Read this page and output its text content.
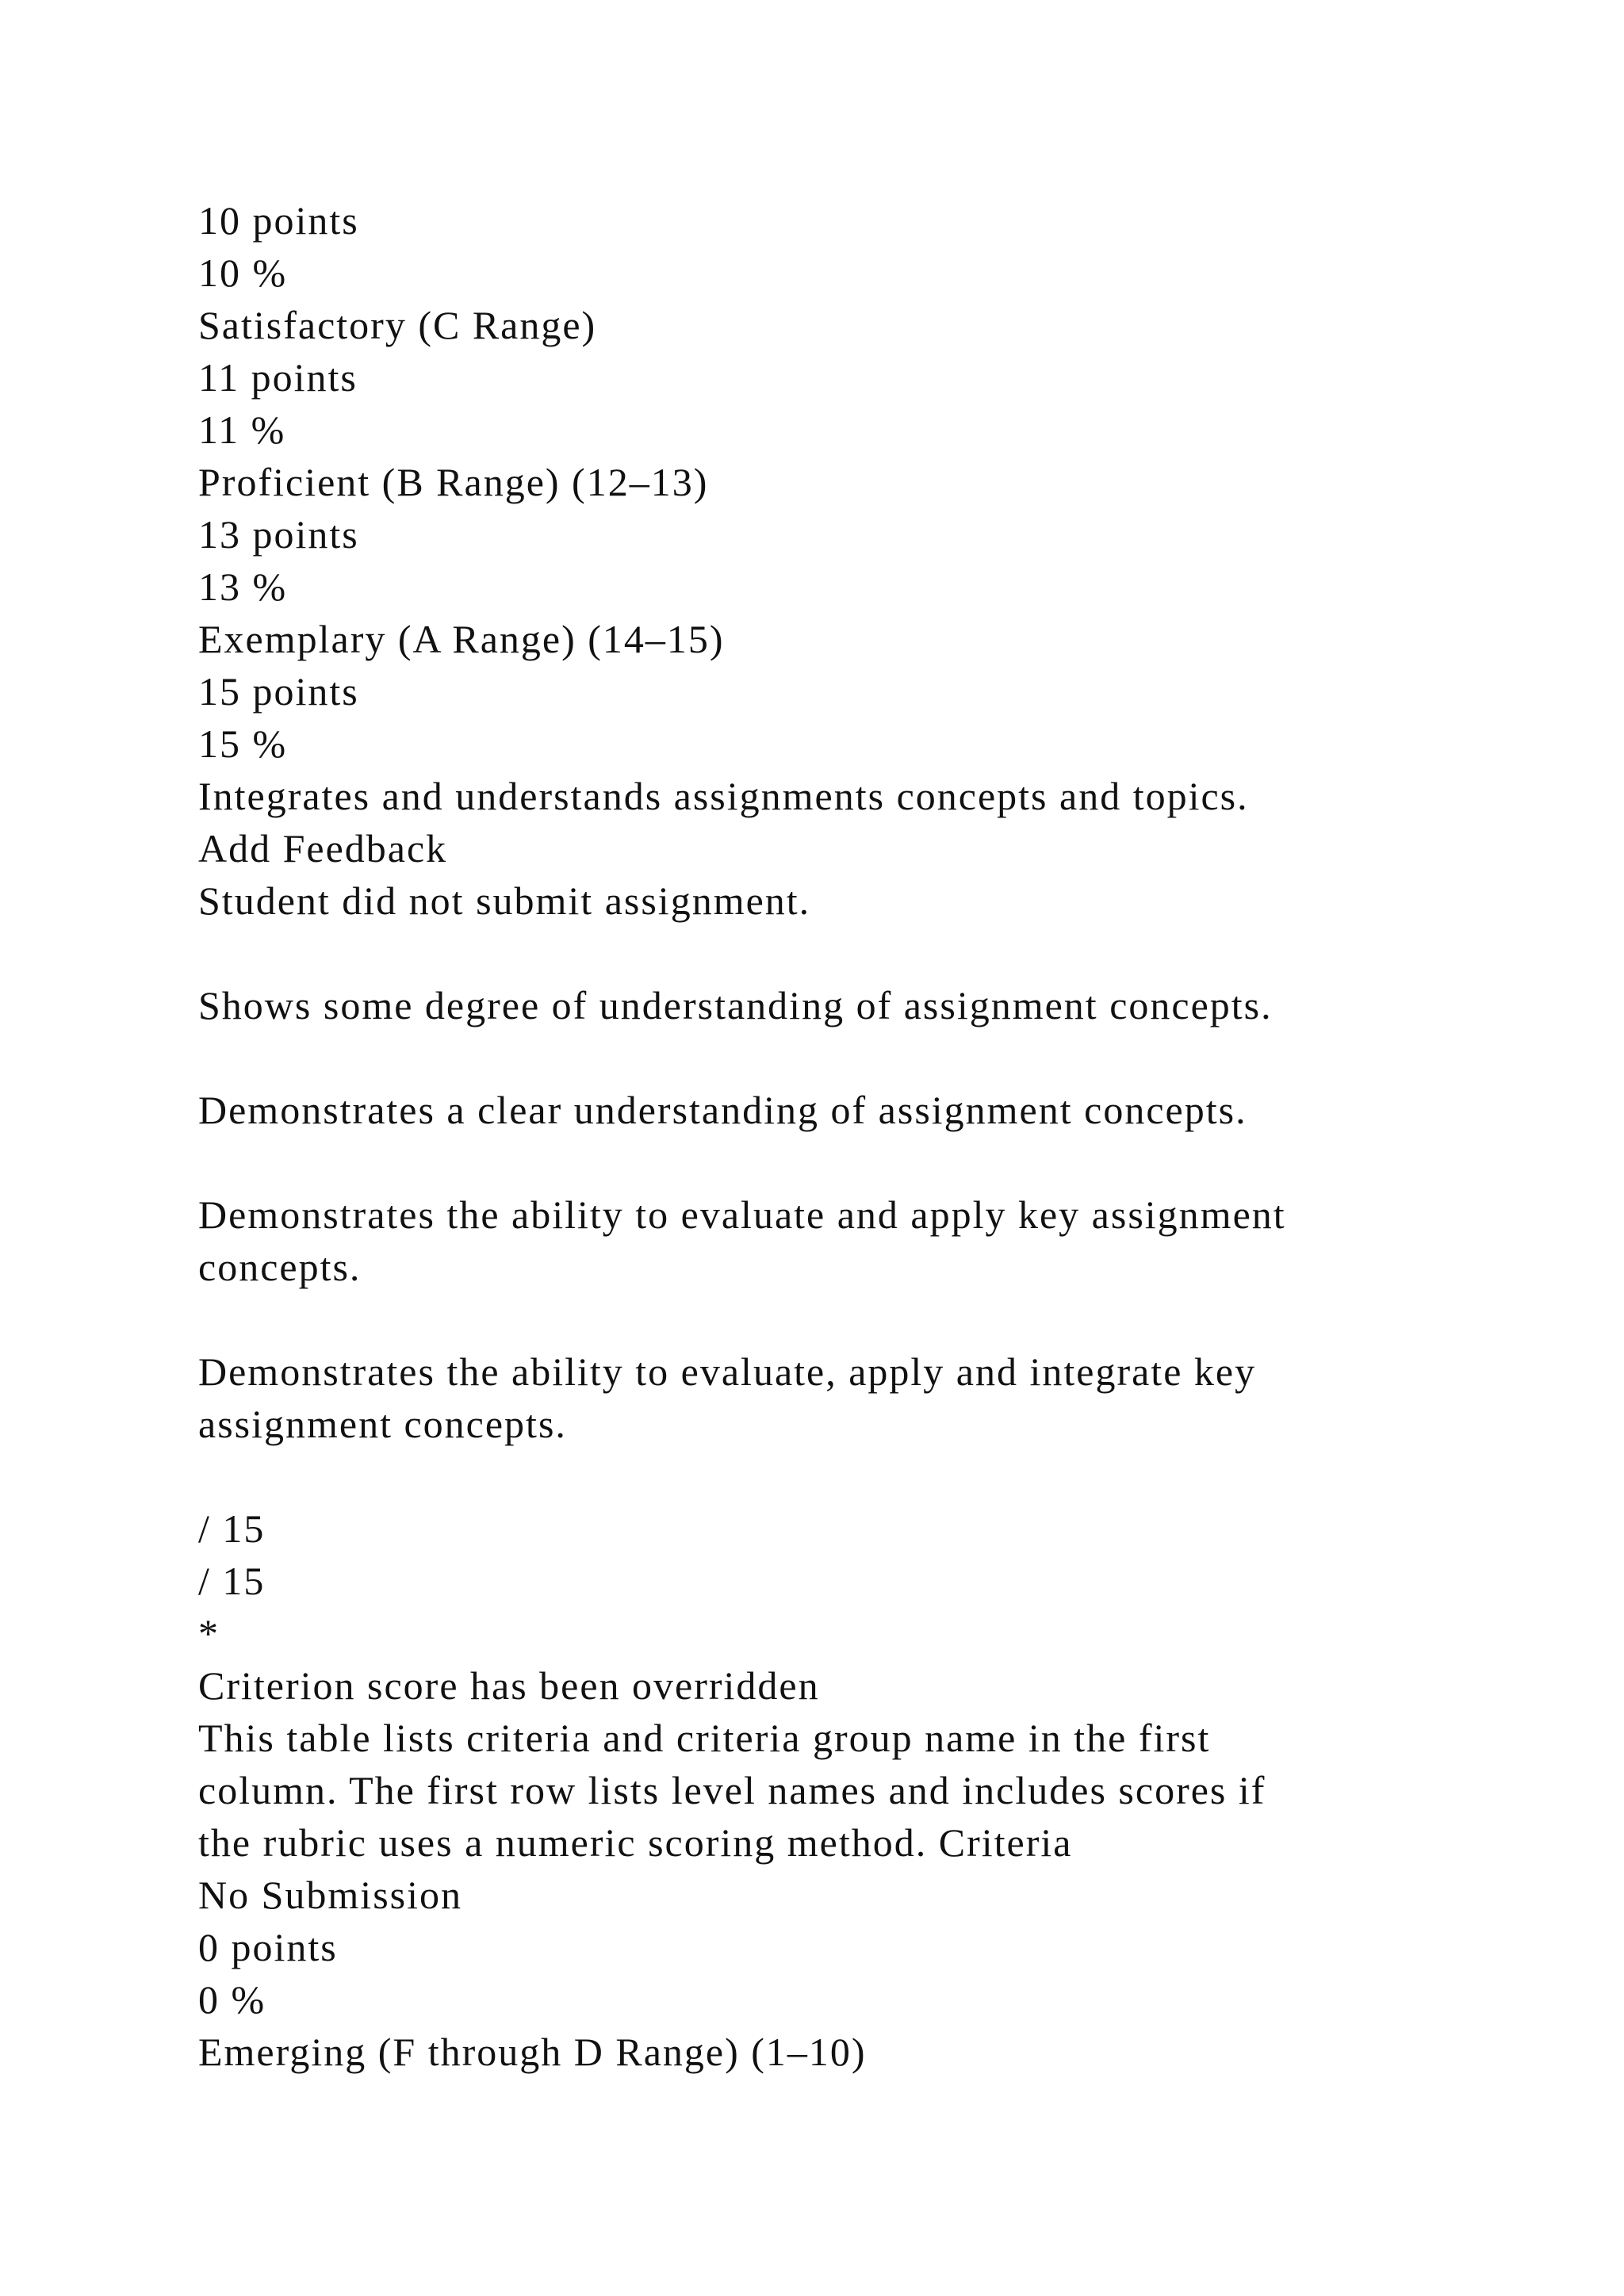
10 points
10 %
Satisfactory (C Range)
11 points
11 %
Proficient (B Range) (12–13)
13 points
13 %
Exemplary (A Range) (14–15)
15 points
15 %
Integrates and understands assignments concepts and topics.
Add Feedback
Student did not submit assignment.
Shows some degree of understanding of assignment concepts.
Demonstrates a clear understanding of assignment concepts.
Demonstrates the ability to evaluate and apply key assignment
concepts.
Demonstrates the ability to evaluate, apply and integrate key
assignment concepts.
/ 15
/ 15
*
Criterion score has been overridden
This table lists criteria and criteria group name in the first
column. The first row lists level names and includes scores if
the rubric uses a numeric scoring method. Criteria
No Submission
0 points
0 %
Emerging (F through D Range) (1–10)
